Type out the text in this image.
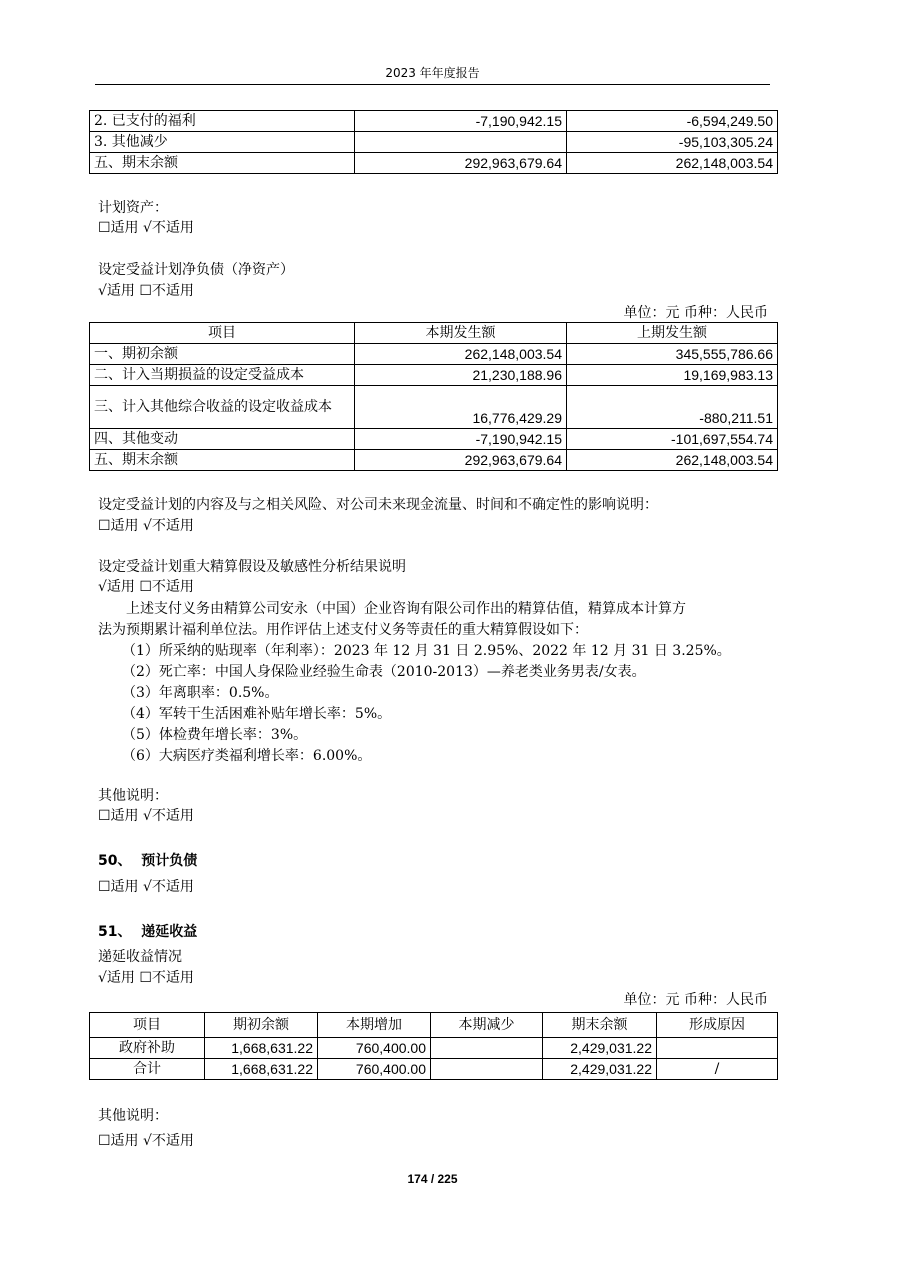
2023 年年度报告
2. 已支付的福利	-7,190,942.15	-6,594,249.50
3. 其他减少		-95,103,305.24
五、期末余额	292,963,679.64	262,148,003.54
计划资产：
☐适用 √不适用
设定受益计划净负债（净资产）
√适用 ☐不适用
单位：元 币种：人民币
项目	本期发生额	上期发生额
一、期初余额	262,148,003.54	345,555,786.66
二、计入当期损益的设定受益成本	21,230,188.96	19,169,983.13
三、计入其他综合收益的设定收益成本	16,776,429.29	-880,211.51
四、其他变动	-7,190,942.15	-101,697,554.74
五、期末余额	292,963,679.64	262,148,003.54
设定受益计划的内容及与之相关风险、对公司未来现金流量、时间和不确定性的影响说明：
☐适用 √不适用
设定受益计划重大精算假设及敏感性分析结果说明
√适用 ☐不适用
上述支付义务由精算公司安永（中国）企业咨询有限公司作出的精算估值，精算成本计算方
法为预期累计福利单位法。用作评估上述支付义务等责任的重大精算假设如下：
（1）所采纳的贴现率（年利率）：2023 年 12 月 31 日 2.95%、2022 年 12 月 31 日 3.25%。
（2）死亡率：中国人身保险业经验生命表（2010-2013）—养老类业务男表/女表。
（3）年离职率：0.5%。
（4）军转干生活困难补贴年增长率：5%。
（5）体检费年增长率：3%。
（6）大病医疗类福利增长率：6.00%。
其他说明：
☐适用 √不适用
50、 预计负债
☐适用 √不适用
51、 递延收益
递延收益情况
√适用 ☐不适用
单位：元 币种：人民币
项目	期初余额	本期增加	本期减少	期末余额	形成原因
政府补助	1,668,631.22	760,400.00		2,429,031.22	
合计	1,668,631.22	760,400.00		2,429,031.22	/
其他说明：
☐适用 √不适用
174 / 225
